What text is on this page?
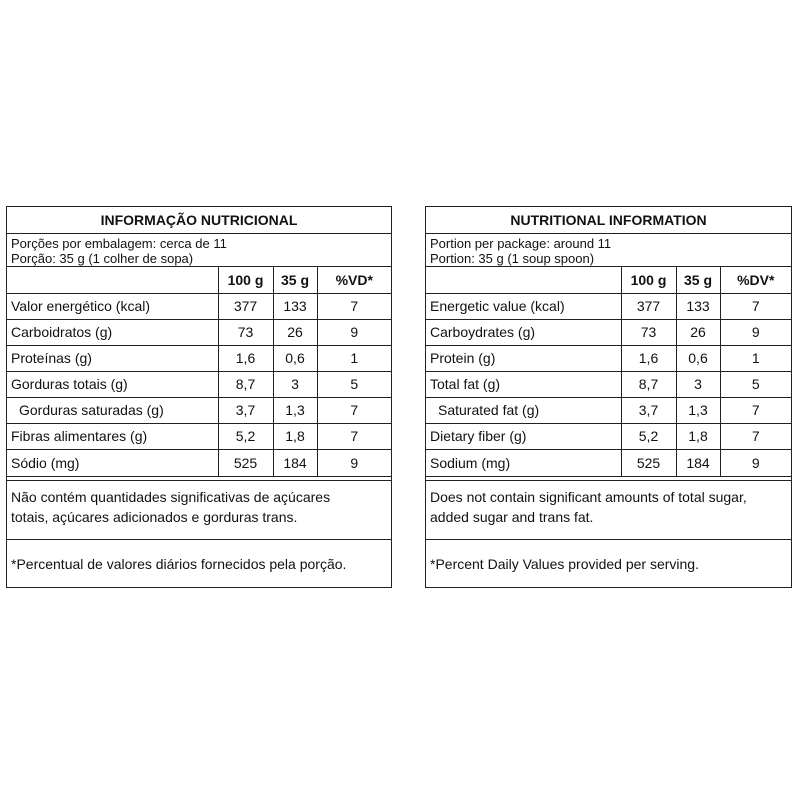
INFORMAÇÃO NUTRICIONAL
Porções por embalagem: cerca de 11
Porção: 35 g (1 colher de sopa)
	100 g	35 g	%VD*
Valor energético (kcal)	377	133	7
Carboidratos (g)	73	26	9
Proteínas (g)	1,6	0,6	1
Gorduras totais (g)	8,7	3	5
Gorduras saturadas (g)	3,7	1,3	7
Fibras alimentares (g)	5,2	1,8	7
Sódio (mg)	525	184	9
Não contém quantidades significativas de açúcares
totais, açúcares adicionados e gorduras trans.
*Percentual de valores diários fornecidos pela porção.
NUTRITIONAL INFORMATION
Portion per package: around 11
Portion: 35 g (1 soup spoon)
	100 g	35 g	%DV*
Energetic value (kcal)	377	133	7
Carboydrates (g)	73	26	9
Protein (g)	1,6	0,6	1
Total fat (g)	8,7	3	5
Saturated fat (g)	3,7	1,3	7
Dietary fiber (g)	5,2	1,8	7
Sodium (mg)	525	184	9
Does not contain significant amounts of total sugar,
added sugar and trans fat.
*Percent Daily Values provided per serving.
